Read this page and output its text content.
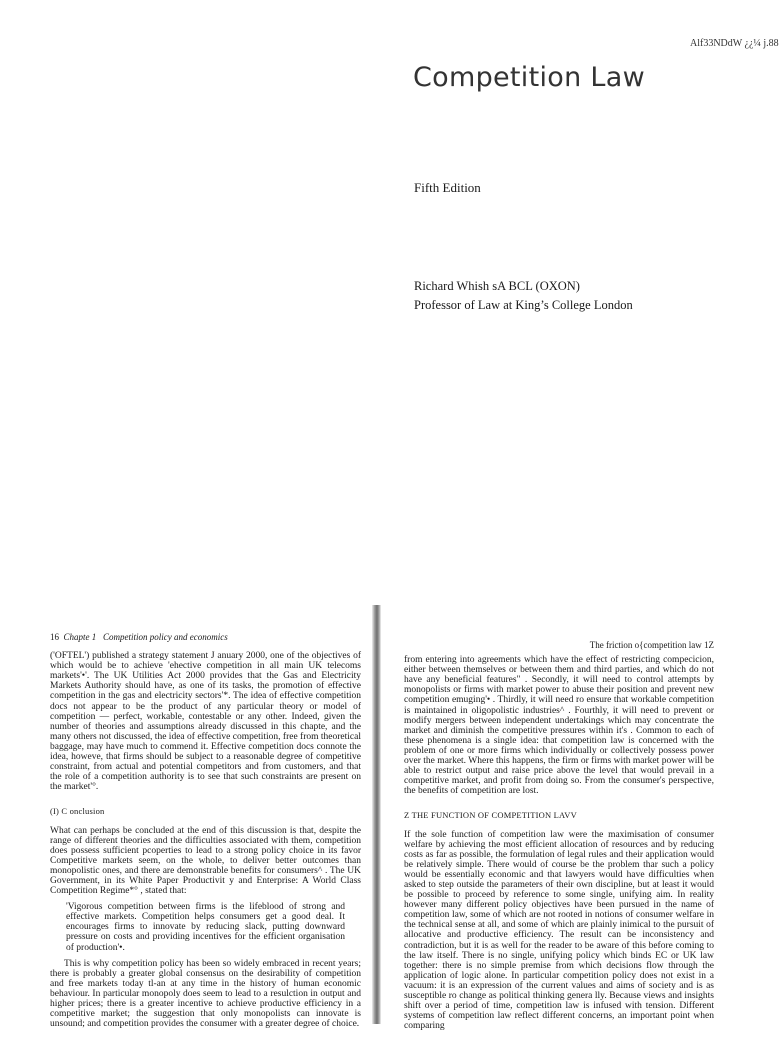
Alf33NDdW ¿¿¼ j.88
Competition Law
Fifth Edition
Richard Whish sA BCL (OXON)
Professor of Law at King’s College London
16 Chapte 1 Competition policy and economics

('OFTEL') published a strategy statement J anuary 2000, one of the objectives of which would be to achieve 'ehective competition in all main UK telecoms markets'•'. The UK Utilities Act 2000 provides that the Gas and Electricity Markets Authority should have, as one of its tasks, the promotion of effective competition in the gas and electricity sectors'*. The idea of effective competition docs not appear to be the product of any particular theory or model of competition — perfect, workable, contestable or any other. Indeed, given the number of theories and assumptions already discussed in this chapte, and the many others not discussed, the idea of effective competition, free from theoretical baggage, may have much to commend it. Effective competition docs connote the idea, howeve, that firms should be subject to a reasonable degree of competitive constraint, from actual and potential competitors and from customers, and that the role of a competition authority is to see that such constraints are present on the market'°.

(I) C onclusion

What can perhaps be concluded at the end of this discussion is that, despite the range of different theories and the difficulties associated with them, competition does possess sufficient pcoperties to lead to a strong policy choice in its favor Competitive markets seem, on the whole, to deliver better outcomes than monopolistic ones, and there are demonstrable benefits for consumers^ . The UK Government, in its White Paper Productivit y and Enterprise: A World Class Competition Regime*° , stated that:

'Vigorous competition between firms is the lifeblood of strong and effective markets. Competition helps consumers get a good deal. It encourages firms to innovate by reducing slack, putting downward pressure on costs and providing incentives for the efficient organisation of production'•.

This is why competition policy has been so widely embraced in recent years; there is probably a greater global consensus on the desirability of competition and free markets today tl-an at any time in the history of human economic behaviour. In particular monopoly does seem to lead to a resulction in output and higher prices; there is a greater incentive to achieve productive efficiency in a competitive market; the suggestion that only monopolists can innovate is unsound; and competition provides the consumer with a greater degree of choice.

The friction o{competition law 1Z

from entering into agreements which have the effect of restricting compecicion, either between themselves or between them and third parties, and which do not have any beneficial features" . Secondly, it will need to control attempts by monopolists or firms with market power to abuse their position and prevent new competition emuging'• . Thirdly, it will need ro ensure that workable competition is maintained in oligopolistic industries^ . Fourthly, it will need to prevent or modify mergers between independent undertakings which may concentrate the market and diminish the competitive pressures within it's . Common to each of these phenomena is a single idea: that competition law is concerned with the problem of one or more firms which individually or collectively possess power over the market. Where this happens, the firm or firms with market power will be able to restrict output and raise price above the level that would prevail in a competitive market, and profit from doing so. From the consumer's perspective, the benefits of competition are lost.

Z THE FUNCTION OF COMPETITION LAVV

If the sole function of competition law were the maximisation of consumer welfare by achieving the most efficient allocation of resources and by reducing costs as far as possible, the formulation of legal rules and their application would be relatively simple. There would of course be the problem thar such a policy would be essentially economic and that lawyers would have difficulties when asked to step outside the parameters of their own discipline, but at least it would be possible to proceed by reference to some single, unifying aim. In reality however many different policy objectives have been pursued in the name of competition law, some of which are not rooted in notions of consumer welfare in the technical sense at all, and some of which are plainly inimical to the pursuit of allocative and productive efficiency. The result can be inconsistency and contradiction, but it is as well for the reader to be aware of this before coming to the law itself. There is no single, unifying policy which binds EC or UK law together: there is no simple premise from which decisions flow through the application of logic alone. In particular competition policy does not exist in a vacuum: it is an expression of the current values and aims of society and is as susceptible ro change as political thinking genera lly. Because views and insights shift over a period of time, competition law is infused with tension. Different systems of competition law reflect different concerns, an important point when comparing
